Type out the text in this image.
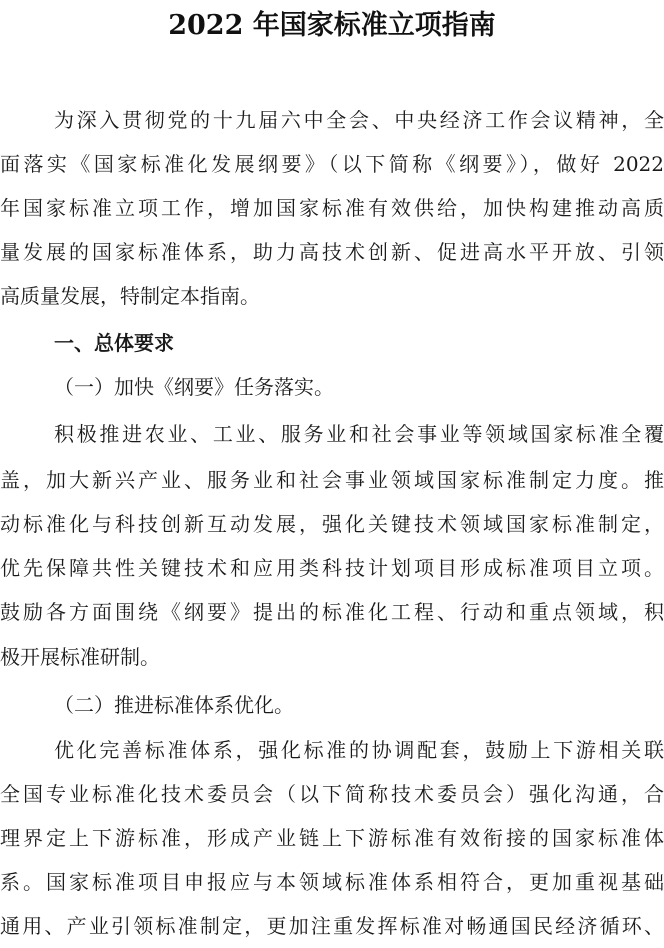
2022 年国家标准立项指南
为深入贯彻党的十九届六中全会、中央经济工作会议精神，全
面落实《国家标准化发展纲要》（以下简称《纲要》），做好 2022
年国家标准立项工作，增加国家标准有效供给，加快构建推动高质
量发展的国家标准体系，助力高技术创新、促进高水平开放、引领
高质量发展，特制定本指南。
一、总体要求
（一）加快《纲要》任务落实。
积极推进农业、工业、服务业和社会事业等领域国家标准全覆
盖，加大新兴产业、服务业和社会事业领域国家标准制定力度。推
动标准化与科技创新互动发展，强化关键技术领域国家标准制定，
优先保障共性关键技术和应用类科技计划项目形成标准项目立项。
鼓励各方面围绕《纲要》提出的标准化工程、行动和重点领域，积
极开展标准研制。
（二）推进标准体系优化。
优化完善标准体系，强化标准的协调配套，鼓励上下游相关联
全国专业标准化技术委员会（以下简称技术委员会）强化沟通，合
理界定上下游标准，形成产业链上下游标准有效衔接的国家标准体
系。国家标准项目申报应与本领域标准体系相符合，更加重视基础
通用、产业引领标准制定，更加注重发挥标准对畅通国民经济循环、
